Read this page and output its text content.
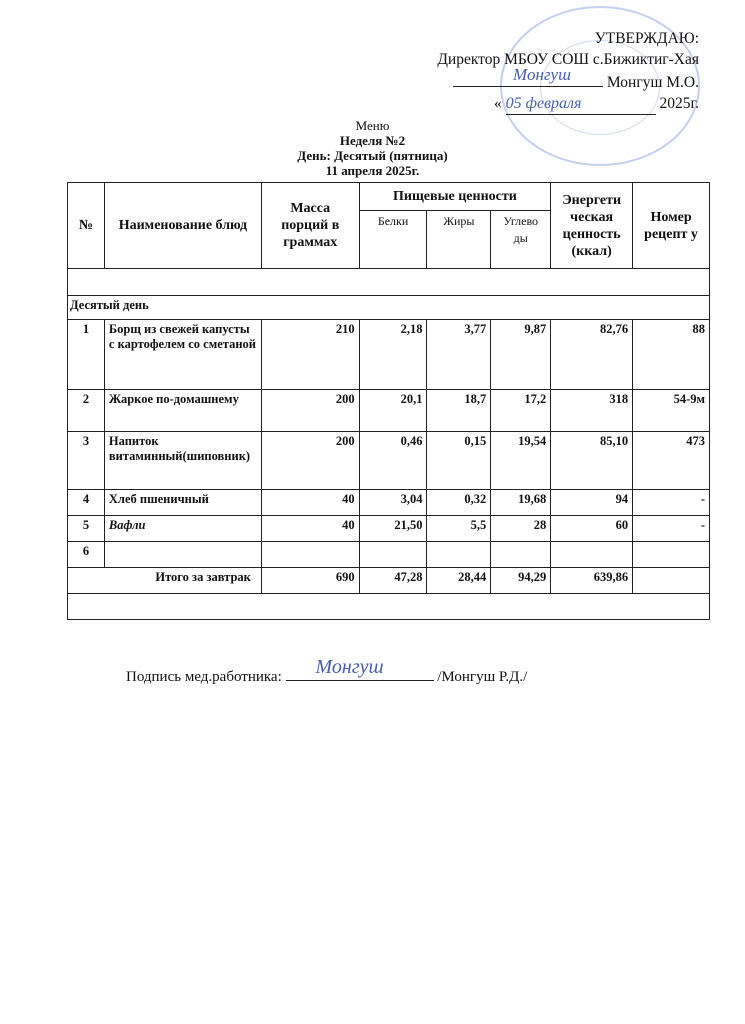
УТВЕРЖДАЮ:
Директор МБОУ СОШ с.Бижиктиг-Хая
Монгуш Монгуш М.О.
« 05 февраля	2025г.
Меню
Неделя №2
День: Десятый (пятница)
11 апреля 2025г.
№	Наименование блюд	Масса порций в граммах	Пищевые ценности			Энергети ческая ценность (ккал)	Номер рецепт у
			Белки	Жиры	Углево ды		

Десятый день							
1	Борщ из свежей капусты с картофелем со сметаной	210	2,18	3,77	9,87	82,76	88
2	Жаркое по-домашнему	200	20,1	18,7	17,2	318	54-9м
3	Напиток витаминный(шиповник)	200	0,46	0,15	19,54	85,10	473
4	Хлеб пшеничный	40	3,04	0,32	19,68	94	-
5	Вафли	40	21,50	5,5	28	60	-
6							
Итого за завтрак		690	47,28	28,44	94,29	639,86	

Подпись мед.работника: Монгуш	/Монгуш Р.Д./
